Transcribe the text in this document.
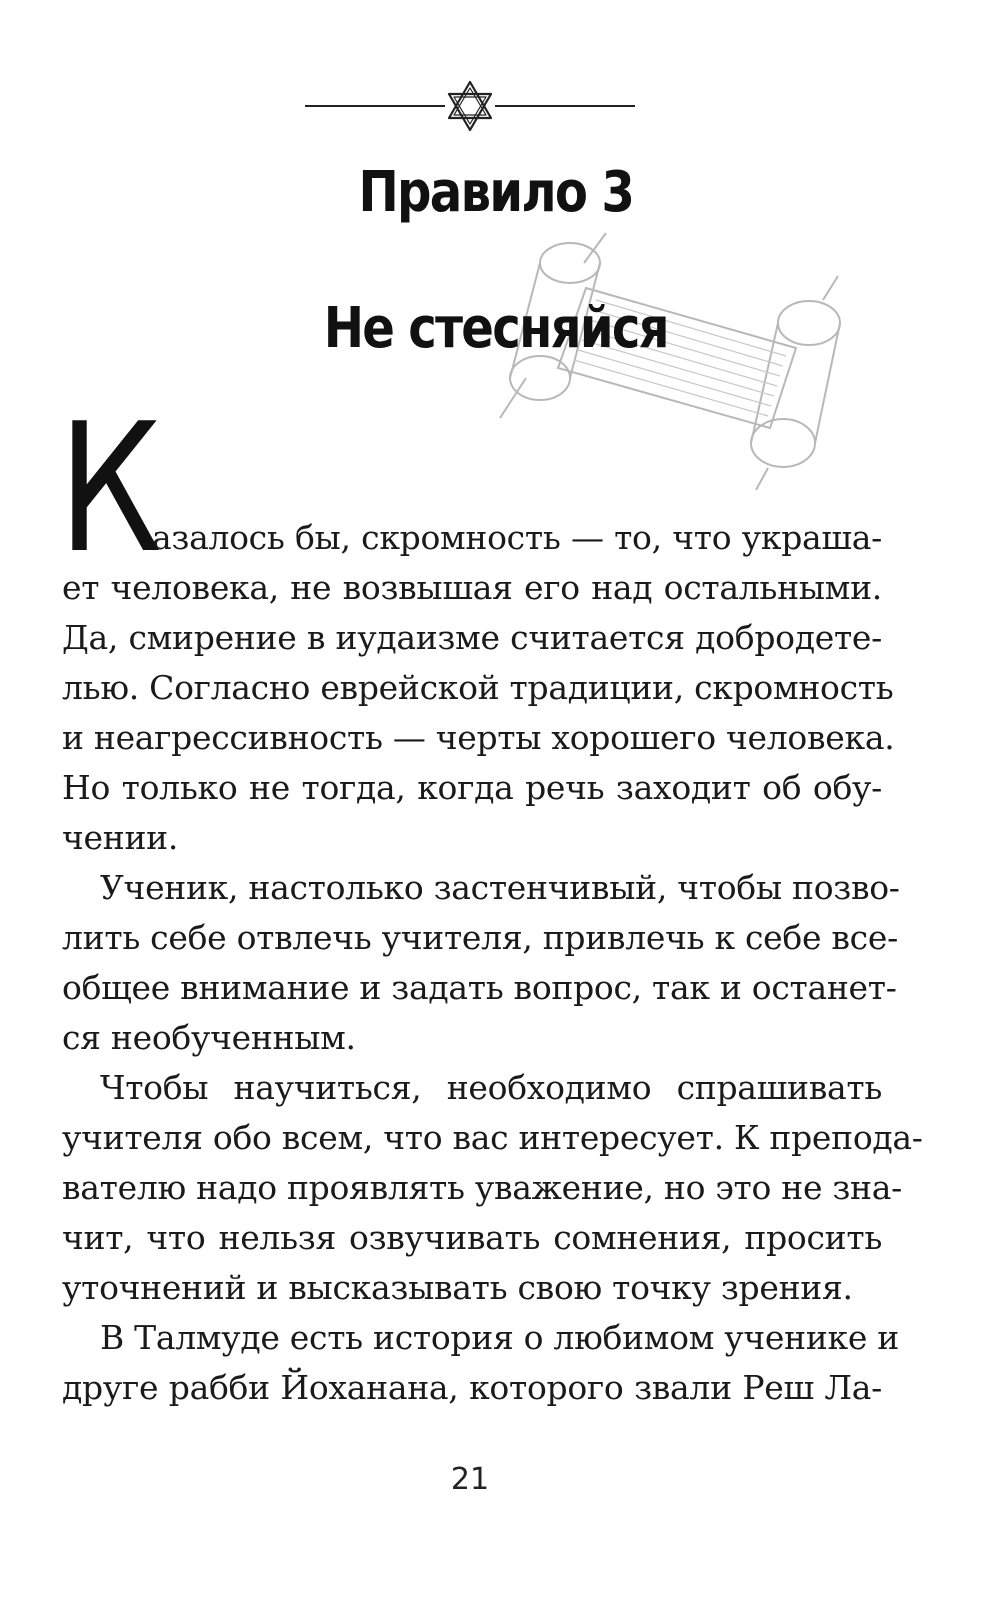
Правило 3
Не стесняйся
К
азалось бы, скромность — то, что украша-
ет человека, не возвышая его над остальными.
Да, смирение в иудаизме считается добродете-
лью. Согласно еврейской традиции, скромность
и неагрессивность — черты хорошего человека.
Но только не тогда, когда речь заходит об обу-
чении.
Ученик, настолько застенчивый, чтобы позво-
лить себе отвлечь учителя, привлечь к себе все-
общее внимание и задать вопрос, так и останет-
ся необученным.
Чтобы научиться, необходимо спрашивать
учителя обо всем, что вас интересует. К препода-
вателю надо проявлять уважение, но это не зна-
чит, что нельзя озвучивать сомнения, просить
уточнений и высказывать свою точку зрения.
В Талмуде есть история о любимом ученике и
друге рабби Йоханана, которого звали Реш Ла-
21
